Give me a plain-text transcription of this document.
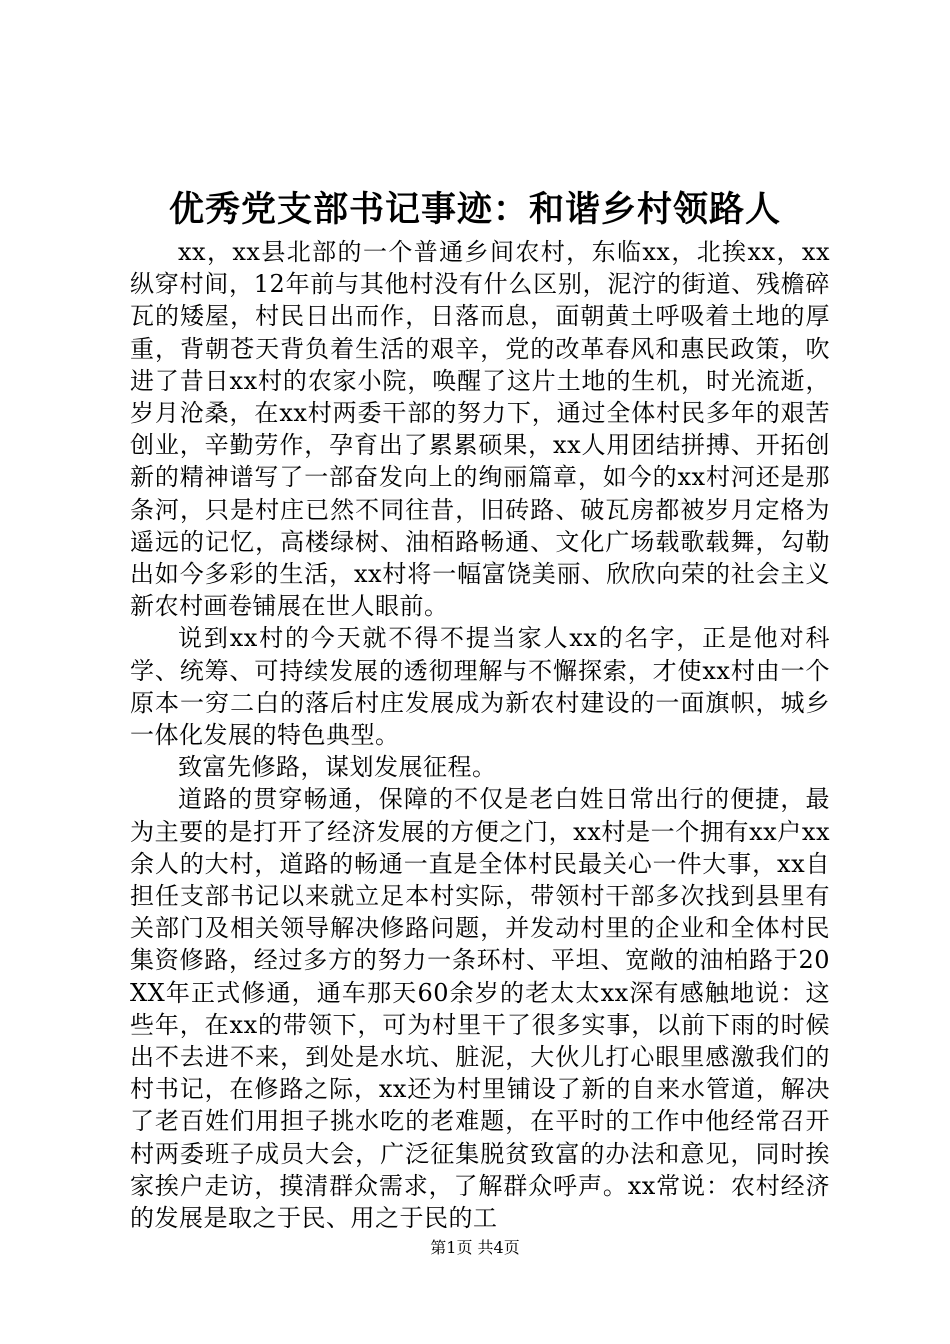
优秀党支部书记事迹：和谐乡村领路人

xx，xx县北部的一个普通乡间农村，东临xx，北挨xx，xx纵穿村间，12年前与其他村没有什么区别，泥泞的街道、残檐碎瓦的矮屋，村民日出而作，日落而息，面朝黄土呼吸着土地的厚重，背朝苍天背负着生活的艰辛，党的改革春风和惠民政策，吹进了昔日xx村的农家小院，唤醒了这片土地的生机，时光流逝，岁月沧桑，在xx村两委干部的努力下，通过全体村民多年的艰苦创业，辛勤劳作，孕育出了累累硕果，xx人用团结拼搏、开拓创新的精神谱写了一部奋发向上的绚丽篇章，如今的xx村河还是那条河，只是村庄已然不同往昔，旧砖路、破瓦房都被岁月定格为遥远的记忆，高楼绿树、油栢路畅通、文化广场载歌载舞，勾勒出如今多彩的生活，xx村将一幅富饶美丽、欣欣向荣的社会主义新农村画卷铺展在世人眼前。

说到xx村的今天就不得不提当家人xx的名字，正是他对科学、统筹、可持续发展的透彻理解与不懈探索，才使xx村由一个原本一穷二白的落后村庄发展成为新农村建设的一面旗帜，城乡一体化发展的特色典型。

致富先修路，谋划发展征程。

道路的贯穿畅通，保障的不仅是老白姓日常出行的便捷，最为主要的是打开了经济发展的方便之门，xx村是一个拥有xx户xx余人的大村，道路的畅通一直是全体村民最关心一件大事，xx自担任支部书记以来就立足本村实际，带领村干部多次找到县里有关部门及相关领导解决修路问题，并发动村里的企业和全体村民集资修路，经过多方的努力一条环村、平坦、宽敞的油柏路于20XX年正式修通，通车那天60余岁的老太太xx深有感触地说：这些年，在xx的带领下，可为村里干了很多实事，以前下雨的时候出不去进不来，到处是水坑、脏泥，大伙儿打心眼里感激我们的村书记，在修路之际，xx还为村里铺设了新的自来水管道，解决了老百姓们用担子挑水吃的老难题，在平时的工作中他经常召开村两委班子成员大会，广泛征集脱贫致富的办法和意见，同时挨家挨户走访，摸清群众需求，了解群众呼声。xx常说：农村经济的发展是取之于民、用之于民的工

第1页 共4页
